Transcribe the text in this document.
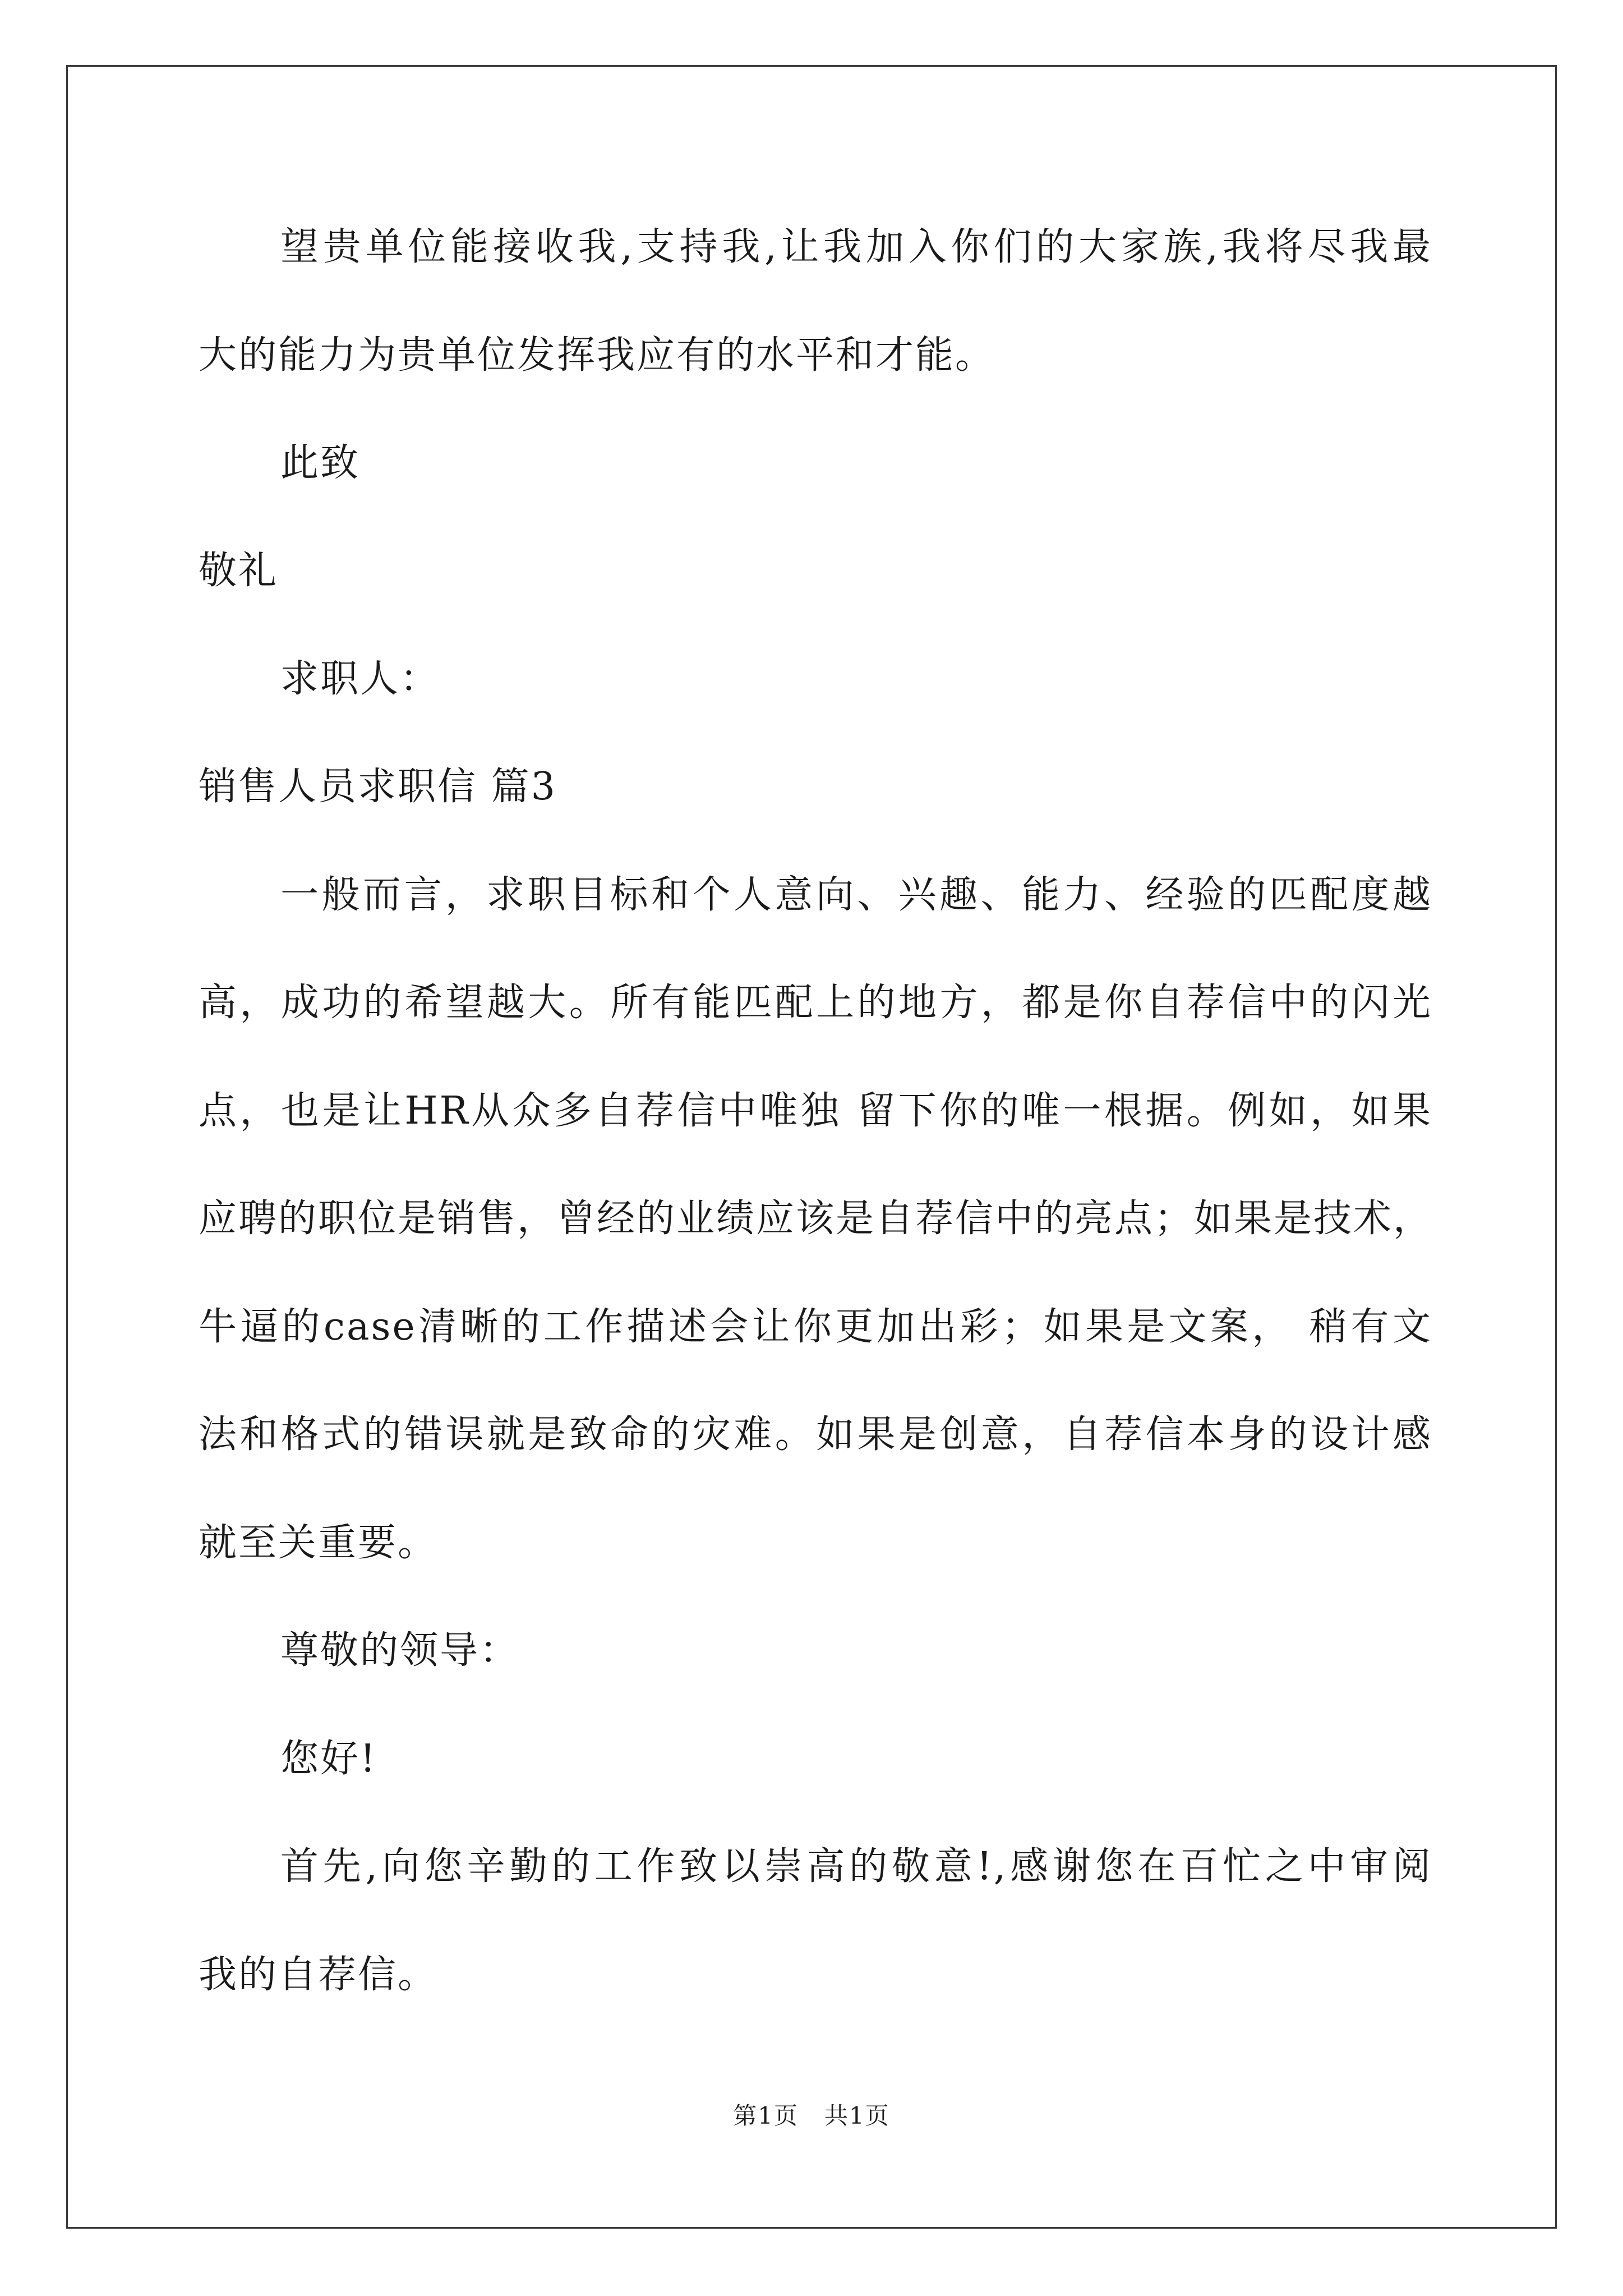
望贵单位能接收我,支持我,让我加入你们的大家族,我将尽我最
大的能力为贵单位发挥我应有的水平和才能。
此致
敬礼
求职人：
销售人员求职信 篇3
一般而言，求职目标和个人意向、兴趣、能力、经验的匹配度越
高，成功的希望越大。所有能匹配上的地方，都是你自荐信中的闪光
点，也是让HR从众多自荐信中唯独 留下你的唯一根据。例如，如果
应聘的职位是销售，曾经的业绩应该是自荐信中的亮点；如果是技术，
牛逼的case清晰的工作描述会让你更加出彩；如果是文案， 稍有文
法和格式的错误就是致命的灾难。如果是创意，自荐信本身的设计感
就至关重要。
尊敬的领导：
您好!
首先,向您辛勤的工作致以崇高的敬意!,感谢您在百忙之中审阅
我的自荐信。
第1页   共1页
